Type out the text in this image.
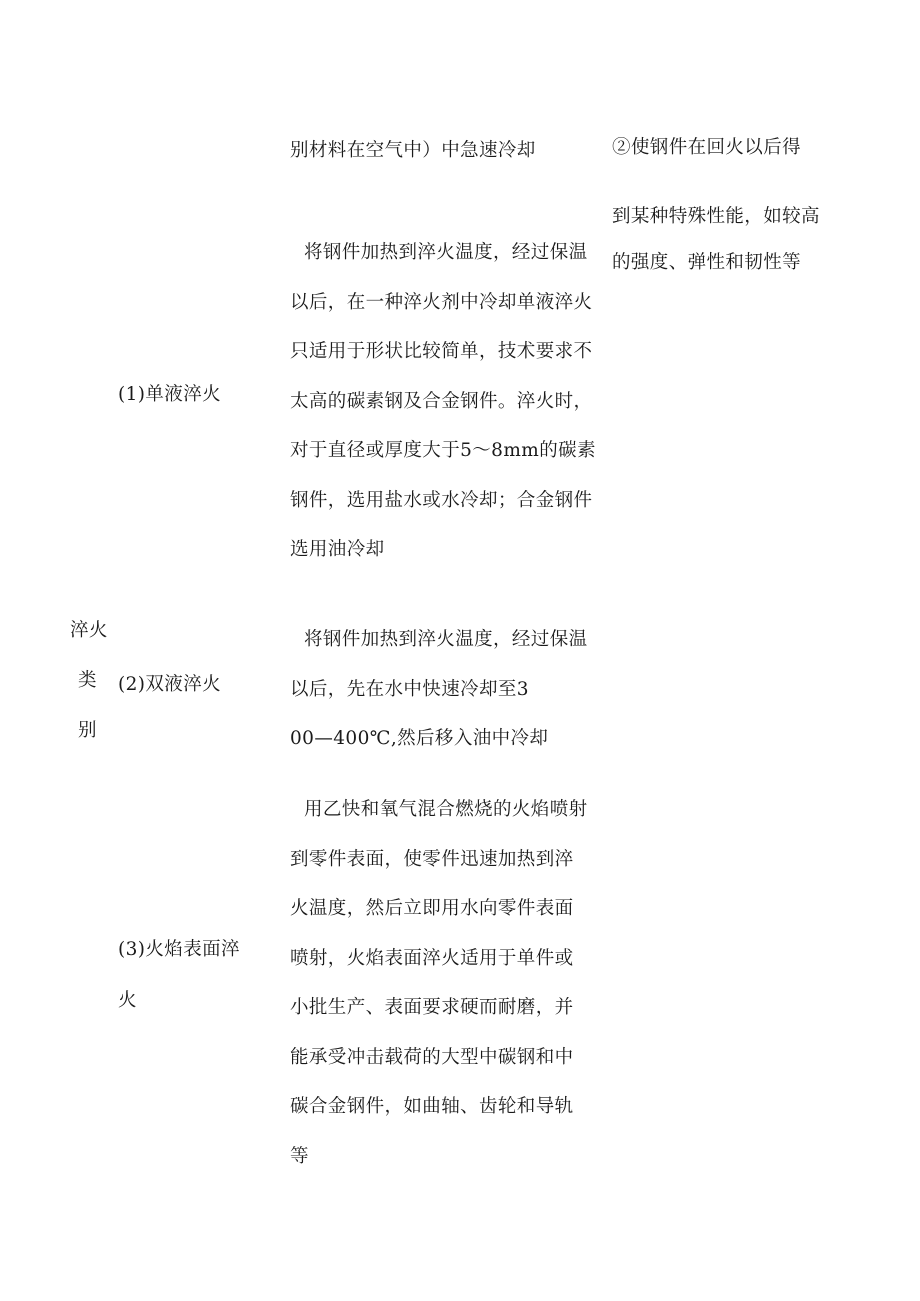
别材料在空气中）中急速冷却	②使钢件在回火以后得
到某种特殊性能，如较高
的强度、弹性和韧性等
淬火
类
别
(1)单液淬火
将钢件加热到淬火温度，经过保温
以后，在一种淬火剂中冷却单液淬火
只适用于形状比较简单，技术要求不
太高的碳素钢及合金钢件。淬火时，
对于直径或厚度大于5～8mm的碳素
钢件，选用盐水或水冷却；合金钢件
选用油冷却
(2)双液淬火
将钢件加热到淬火温度，经过保温
以后，先在水中快速冷却至3
00—400℃,然后移入油中冷却
(3)火焰表面淬
火
用乙快和氧气混合燃烧的火焰喷射
到零件表面，使零件迅速加热到淬
火温度，然后立即用水向零件表面
喷射，火焰表面淬火适用于单件或
小批生产、表面要求硬而耐磨，并
能承受冲击载荷的大型中碳钢和中
碳合金钢件，如曲轴、齿轮和导轨
等
